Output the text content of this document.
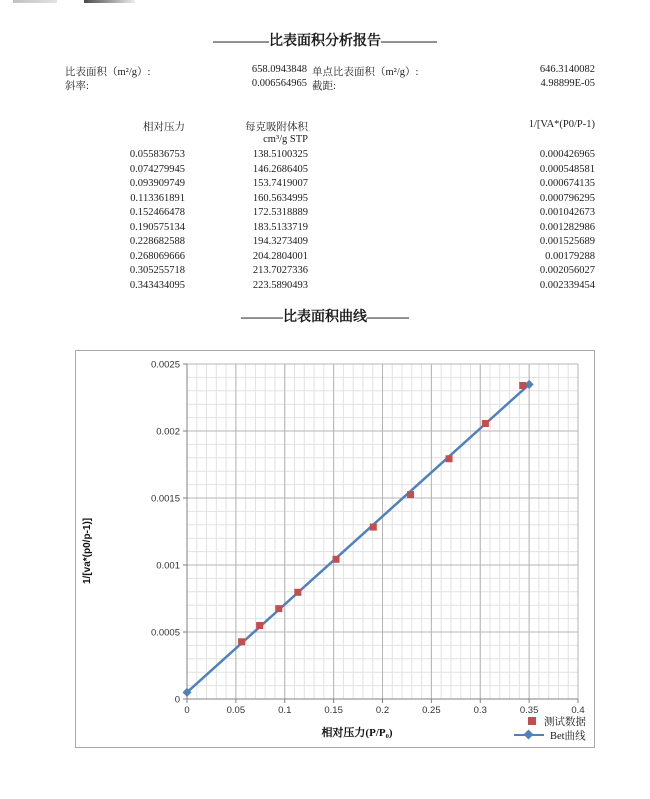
————比表面积分析报告————
比表面积（m²/g）:	658.0943848 单点比表面积（m²/g）:	646.3140082
斜率:	0.006564965 截距:	4.98899E-05
相对压力	每克吸附体积
cm³/g STP
1/[VA*(P0/P-1)
0.055836753	138.5100325	0.000426965
0.074279945	146.2686405	0.000548581
0.093909749	153.7419007	0.000674135
0.113361891	160.5634995	0.000796295
0.152466478	172.5318889	0.001042673
0.190575134	183.5133719	0.001282986
0.228682588	194.3273409	0.001525689
0.268069666	204.2804001	0.00179288
0.305255718	213.7027336	0.002056027
0.343434095	223.5890493	0.002339454
———比表面积曲线———
0	0.05	0.1	0.15	0.2	0.25	0.3	0.35	0.4
0
0.0005
0.001
0.0015
0.002
0.0025
1/[va*(p0/p-1)]
相对压力(P/P₀)
测试数据
Bet曲线
